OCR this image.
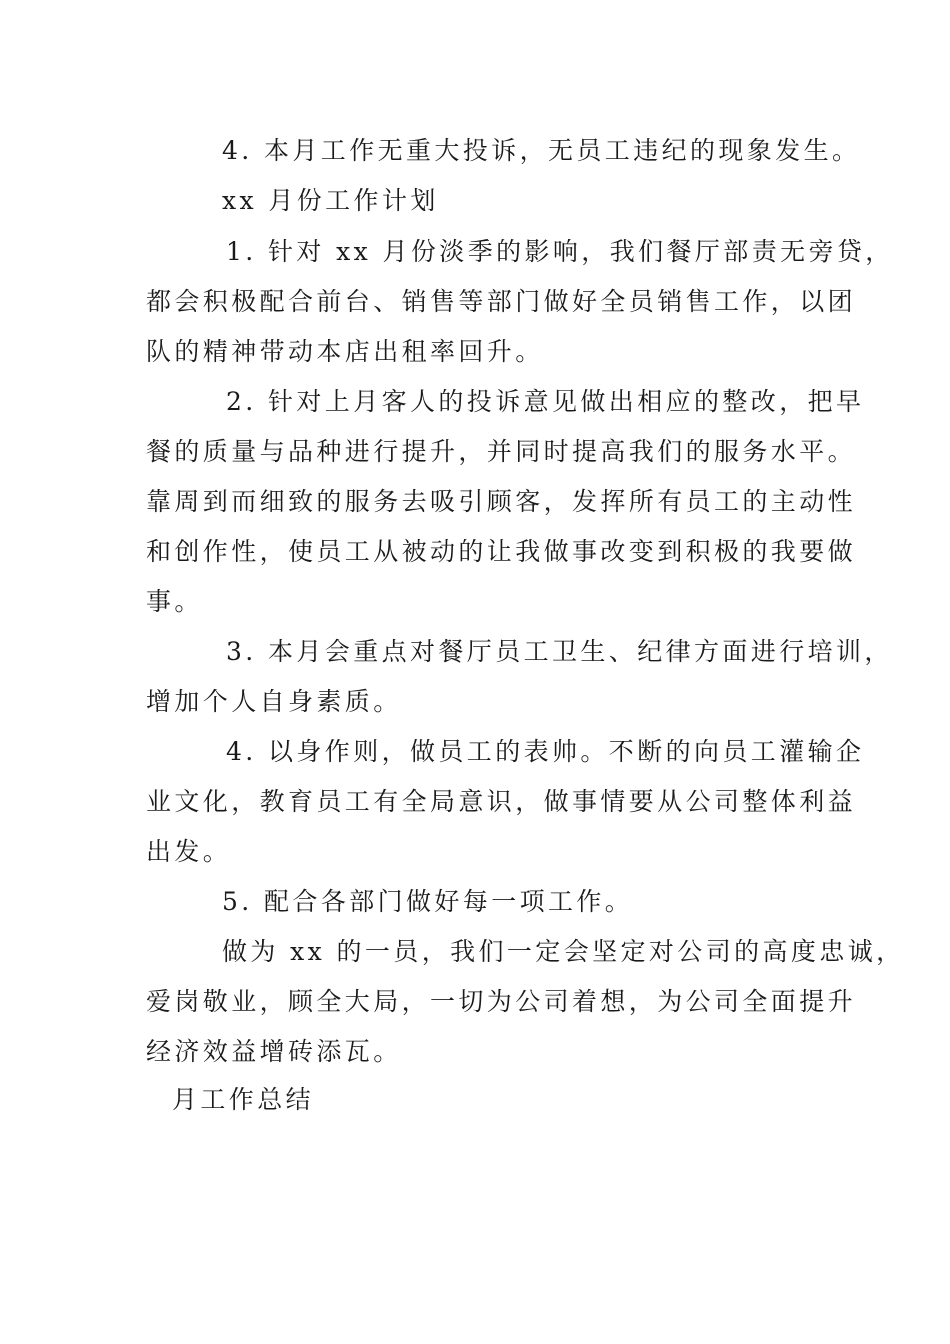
4. 本月工作无重大投诉，无员工违纪的现象发生。
xx 月份工作计划
1. 针对 xx 月份淡季的影响，我们餐厅部责无旁贷，
都会积极配合前台、销售等部门做好全员销售工作，以团
队的精神带动本店出租率回升。
2. 针对上月客人的投诉意见做出相应的整改，把早
餐的质量与品种进行提升，并同时提高我们的服务水平。
靠周到而细致的服务去吸引顾客，发挥所有员工的主动性
和创作性，使员工从被动的让我做事改变到积极的我要做
事。
3. 本月会重点对餐厅员工卫生、纪律方面进行培训，
增加个人自身素质。
4. 以身作则，做员工的表帅。不断的向员工灌输企
业文化，教育员工有全局意识，做事情要从公司整体利益
出发。
5. 配合各部门做好每一项工作。
做为 xx 的一员，我们一定会坚定对公司的高度忠诚，
爱岗敬业，顾全大局，一切为公司着想，为公司全面提升
经济效益增砖添瓦。
月工作总结
